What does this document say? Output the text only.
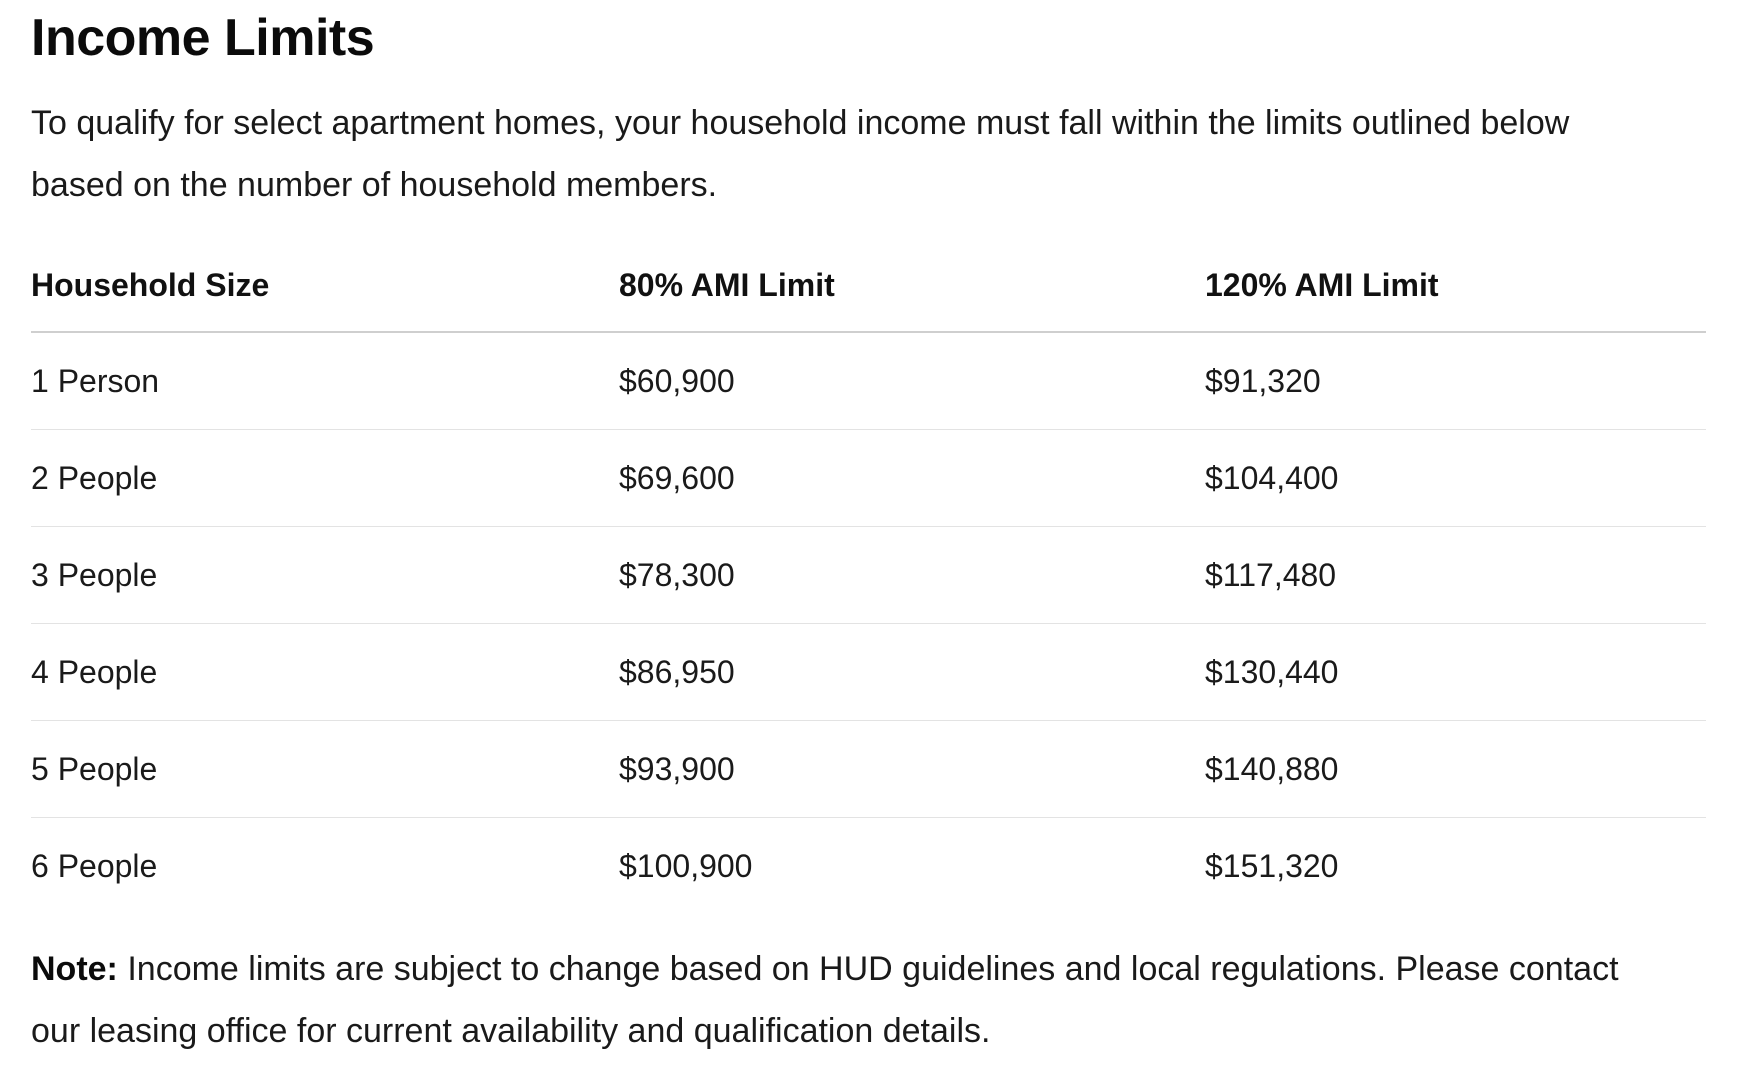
Income Limits

To qualify for select apartment homes, your household income must fall within the limits outlined below based on the number of household members.

Household Size	80% AMI Limit	120% AMI Limit
1 Person	$60,900	$91,320
2 People	$69,600	$104,400
3 People	$78,300	$117,480
4 People	$86,950	$130,440
5 People	$93,900	$140,880
6 People	$100,900	$151,320

Note: Income limits are subject to change based on HUD guidelines and local regulations. Please contact our leasing office for current availability and qualification details.
